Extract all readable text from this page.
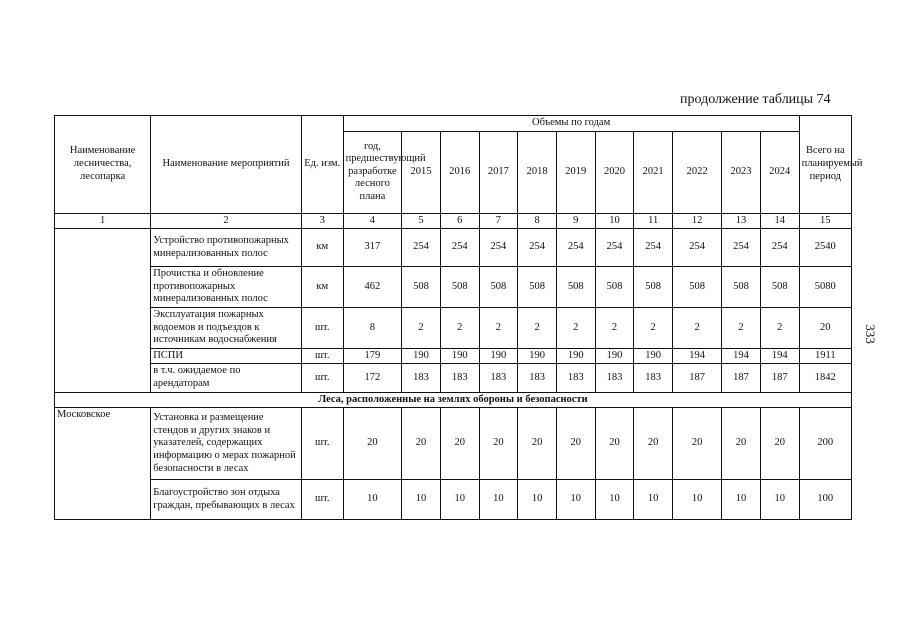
продолжение таблицы 74
333
Наименование лесничества, лесопарка	Наименование мероприятий	Ед. изм.	Объемы по годам											Всего на планируемый период
			год, предшествующий разработке лесного плана	2015	2016	2017	2018	2019	2020	2021	2022	2023	2024	
1	2	3	4	5	6	7	8	9	10	11	12	13	14	15
	Устройство противопожарных минерализованных полос	км	317	254	254	254	254	254	254	254	254	254	254	2540
	Прочистка и обновление противопожарных минерализованных полос	км	462	508	508	508	508	508	508	508	508	508	508	5080
	Эксплуатация пожарных водоемов и подъездов к источникам водоснабжения	шт.	8	2	2	2	2	2	2	2	2	2	2	20
	ПСПИ	шт.	179	190	190	190	190	190	190	190	194	194	194	1911
	в т.ч. ожидаемое по арендаторам	шт.	172	183	183	183	183	183	183	183	187	187	187	1842
Леса, расположенные на землях обороны и безопасности														
Московское	Установка и размещение стендов и других знаков и указателей, содержащих информацию о мерах пожарной безопасности в лесах	шт.	20	20	20	20	20	20	20	20	20	20	20	200
	Благоустройство зон отдыха граждан, пребывающих в лесах	шт.	10	10	10	10	10	10	10	10	10	10	10	100
